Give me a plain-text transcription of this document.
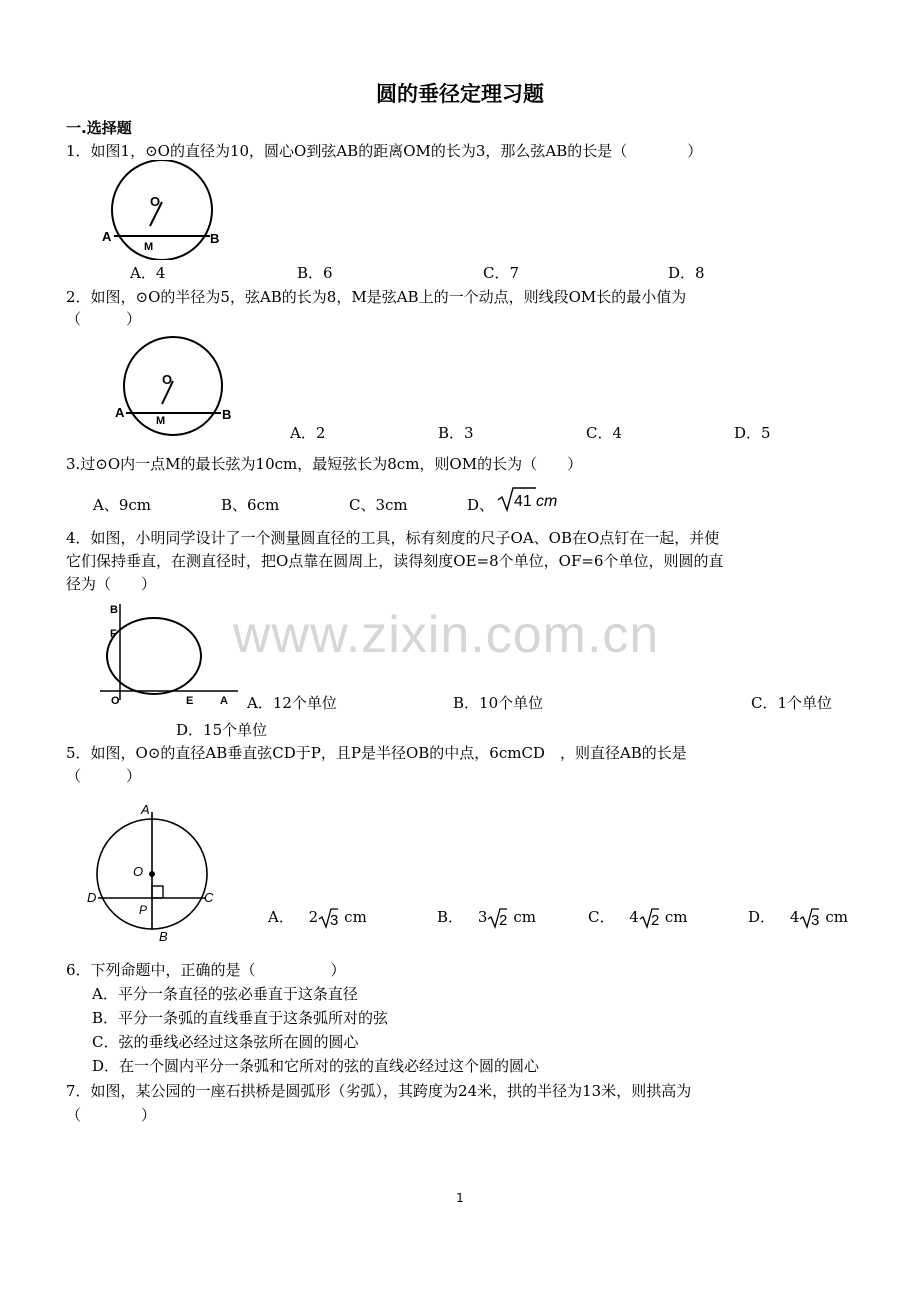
圆的垂径定理习题
www.zixin.com.cn
一.选择题
1．如图1，⊙O的直径为10，圆心O到弦AB的距离OM的长为3，那么弦AB的长是（　　　　）
A	B
O
M
A．4	B．6	C．7	D．8
2．如图，⊙O的半径为5，弦AB的长为8，M是弦AB上的一个动点，则线段OM长的最小值为
（　　　）
A	B
O
M
A．2	B．3	C．4	D．5
3.过⊙O内一点M的最长弦为10cm，最短弦长为8cm，则OM的长为（　　）
A、9cm	B、6cm	C、3cm	D、 41 cm
4．如图，小明同学设计了一个测量圆直径的工具，标有刻度的尺子OA、OB在O点钉在一起，并使
它们保持垂直，在测直径时，把O点靠在圆周上，读得刻度OE=8个单位，OF=6个单位，则圆的直
径为（　　）
B
F
O	E A A．12个单位	B．10个单位	C．1个单位
D．15个单位
5．如图，O⊙的直径AB垂直弦CD于P，且P是半径OB的中点，6cmCD　，则直径AB的长是
（　　　）
A
O
D	C
P
B
A． 2 3 cm	B． 3 2 cm	C． 4 2 cm	D． 4 3 cm
6．下列命题中，正确的是（　　　　　）
A．平分一条直径的弦必垂直于这条直径
B．平分一条弧的直线垂直于这条弧所对的弦
C．弦的垂线必经过这条弦所在圆的圆心
D．在一个圆内平分一条弧和它所对的弦的直线必经过这个圆的圆心
7．如图，某公园的一座石拱桥是圆弧形（劣弧），其跨度为24米，拱的半径为13米，则拱高为
（　　　　）
1
